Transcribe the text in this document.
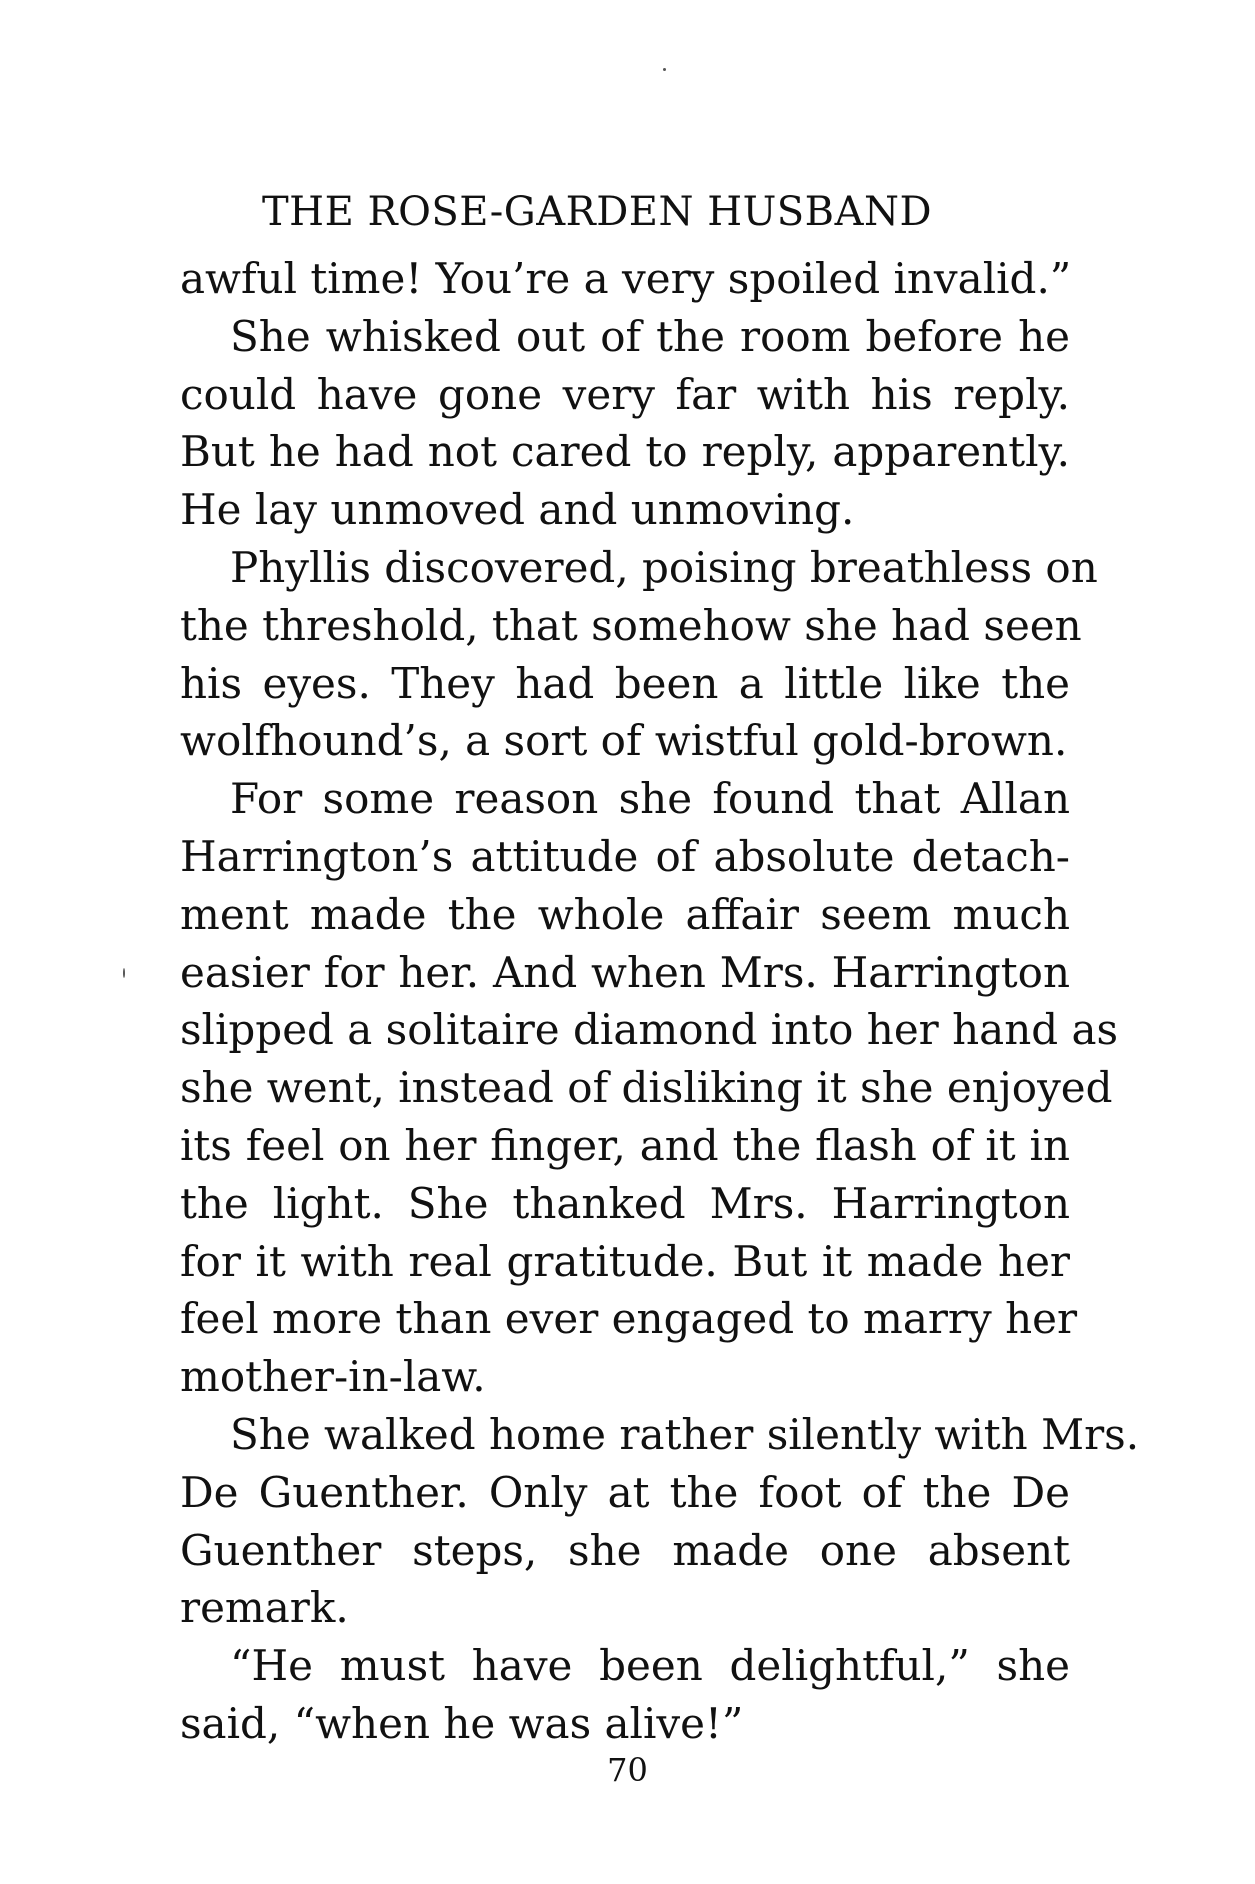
THE ROSE-GARDEN HUSBAND
awful time! You’re a very spoiled invalid.”
She whisked out of the room before he
could have gone very far with his reply.
But he had not cared to reply, apparently.
He lay unmoved and unmoving.
Phyllis discovered, poising breathless on
the threshold, that somehow she had seen
his eyes. They had been a little like the
wolfhound’s, a sort of wistful gold-brown.
For some reason she found that Allan
Harrington’s attitude of absolute detach-
ment made the whole affair seem much
easier for her. And when Mrs. Harrington
slipped a solitaire diamond into her hand as
she went, instead of disliking it she enjoyed
its feel on her finger, and the flash of it in
the light. She thanked Mrs. Harrington
for it with real gratitude. But it made her
feel more than ever engaged to marry her
mother-in-law.
She walked home rather silently with Mrs.
De Guenther. Only at the foot of the De
Guenther steps, she made one absent
remark.
“He must have been delightful,” she
said, “when he was alive!”
70
